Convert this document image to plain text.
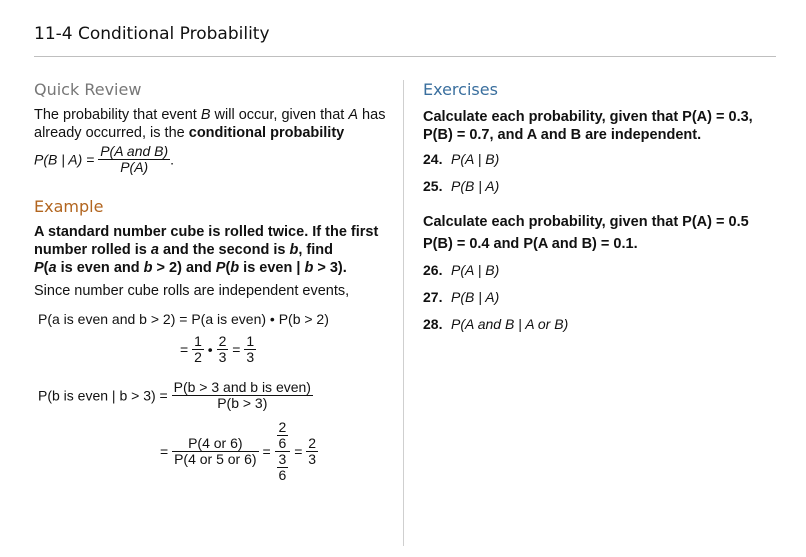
11-4 Conditional Probability
Quick Review
The probability that event B will occur, given that A has
already occurred, is the conditional probability
P(B | $A) = \frac{\text{P(A and B)}}{P(A)}$ .
Example
A standard number cube is rolled twice. If the first
number rolled is a and the second is b, find
P(a is even and b > 2) and P(b is even | b > 3).
Since number cube rolls are independent events,
P(a is even and b > 2) = P(a is even) • P(b > 2)
= $\frac{1}{2}$ • $\frac{2}{3} = \frac{1}{3}$
P(b is even | $b > 3) = \frac{\text{P(b > 3 and b is even)}}{P(b > 3)}$
= $\frac{P(4 or 6)}{P(4 or 5 or 6)} = \frac{\frac{2}{6}}{\frac{3}{6}} = \frac{2}{3}$
Exercises
Calculate each probability, given that P(A) = 0.3,
P(B) = 0.7, and A and B are independent.
24. P(A | B)
25. P(B | A)
Calculate each probability, given that P(A) = 0.5
P(B) = 0.4 and P(A and B) = 0.1.
26. P(A | B)
27. P(B | A)
28. P(A and B | A or B)
